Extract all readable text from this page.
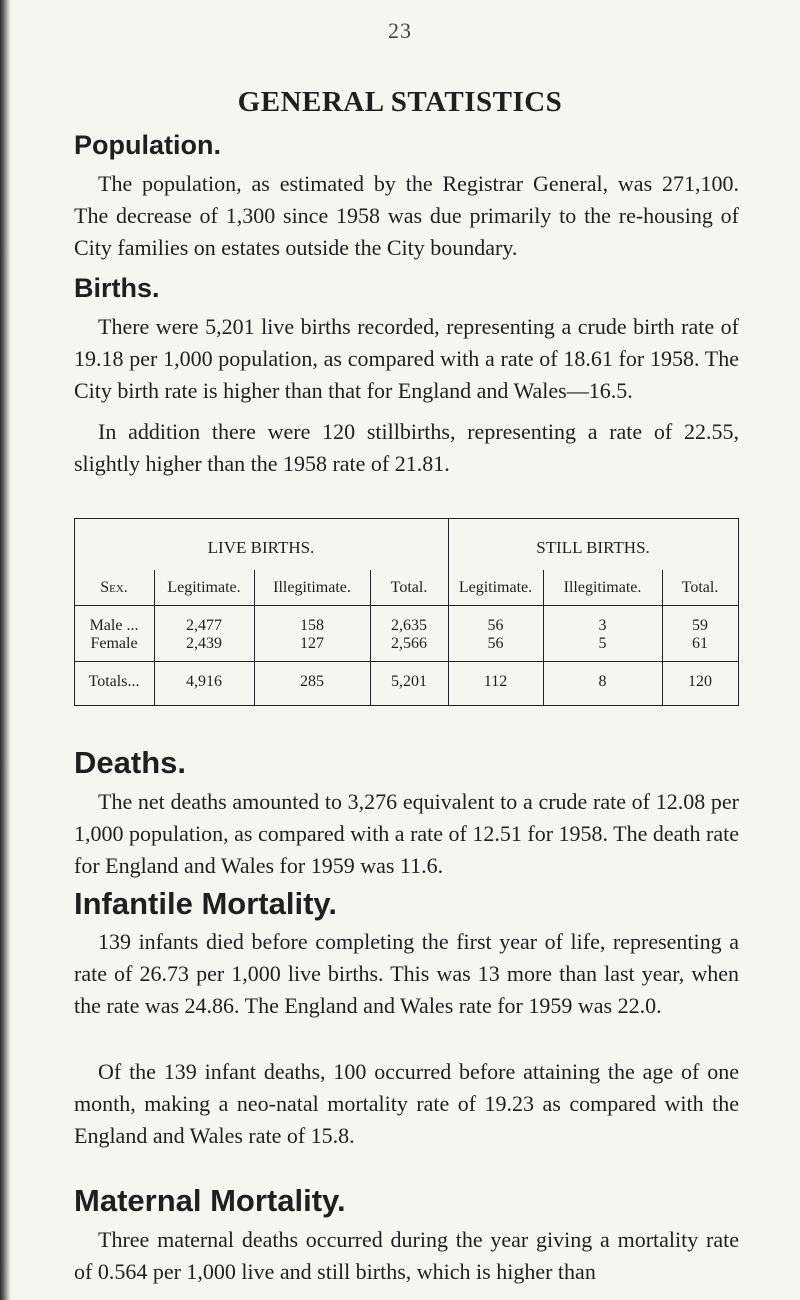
23
GENERAL STATISTICS
Population.
The population, as estimated by the Registrar General, was 271,100. The decrease of 1,300 since 1958 was due primarily to the re-housing of City families on estates outside the City boundary.
Births.
There were 5,201 live births recorded, representing a crude birth rate of 19.18 per 1,000 population, as compared with a rate of 18.61 for 1958. The City birth rate is higher than that for England and Wales—16.5.
In addition there were 120 stillbirths, representing a rate of 22.55, slightly higher than the 1958 rate of 21.81.
LIVE BIRTHS.	STILL BIRTHS.
Sex.	Legitimate.	Illegitimate.	Total.	Legitimate.	Illegitimate.	Total.
Male ...	2,477	158	2,635	56	3	59
Female	2,439	127	2,566	56	5	61
Totals...	4,916	285	5,201	112	8	120
Deaths.
The net deaths amounted to 3,276 equivalent to a crude rate of 12.08 per 1,000 population, as compared with a rate of 12.51 for 1958. The death rate for England and Wales for 1959 was 11.6.
Infantile Mortality.
139 infants died before completing the first year of life, representing a rate of 26.73 per 1,000 live births. This was 13 more than last year, when the rate was 24.86. The England and Wales rate for 1959 was 22.0.
Of the 139 infant deaths, 100 occurred before attaining the age of one month, making a neo-natal mortality rate of 19.23 as compared with the England and Wales rate of 15.8.
Maternal Mortality.
Three maternal deaths occurred during the year giving a mortality rate of 0.564 per 1,000 live and still births, which is higher than
